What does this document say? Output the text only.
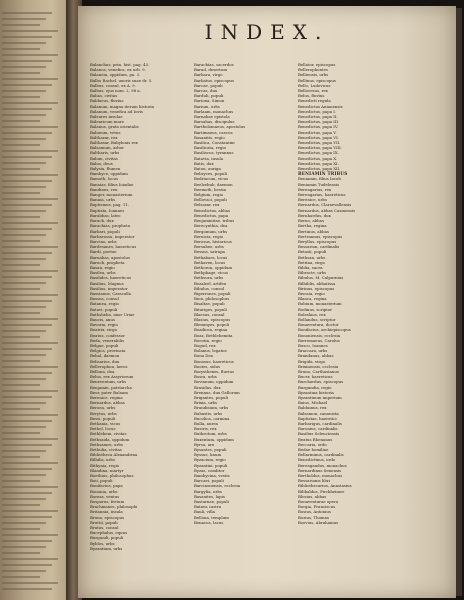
INDEX.
Balanchus, prin. hist. pag. 43.
Balanca, venefica, ex urb. 9.
Balaneia, oppidum, pa. 3.
Balbo Rachel, uxoris suae dr. 5.
Balbus, consul, ex A. 9.
Balbus, ejus nom. 2, 98 a.
Balias, civitas
Baldaeus, fluvius
Balanum, magna iterum historia
Balanum, venefica ad Iovis
Baleares insulae
Balearicum mare
Balanus, grata orientalis
Balneum, vetus
Balthazar, rex
Balthasar, Babylonis rex
Balsamum, arbor
Baltharis, urbs
Balum, civitas
Balus, deus
Balysia, flumen
Bambyce, oppidum
Bamoth, locus
Banaias, filius Ioiadae
Bandinus, rex
Bangor, monasterium
Bannia, urbs
Baptismus, pag. 11.
Baptista, Ioannes
Barabbas, latro
Barach, dux
Barachias, propheta
Barbari, populi
Barbarossa, imperator
Barcino, urbs
Bardesanes, haereticus
Bardi, poetae
Barnabas, apostolus
Baruch, propheta
Basan, regio
Basilea, urbs
Basilides, haereticus
Basilius, Magnus
Basilius, imperator
Bassianus, Caracalla
Bassus, consul
Batanea, regio
Batavi, populi
Bathsheba, uxor Uriae
Baucis, anus
Bavaria, regio
Beatrix, virgo
Beatus, confessor
Beda, venerabilis
Belgae, populi
Belgica, provincia
Belial, daemon
Belisarius, dux
Bellerophon, heros
Bellona, dea
Belus, rex Assyriorum
Beneventum, urbs
Benjamin, patriarcha
Beor, pater Balaam
Berenice, regina
Bernardus, abbas
Beroea, urbs
Berytus, urbs
Bessi, populi
Bethania, vicus
Bethel, locus
Bethlehem, civitas
Bethsaida, oppidum
Bethsames, urbs
Bethulia, civitas
Bibliotheca Alexandrina
Bilbilis, urbs
Bithynia, regio
Blandina, martyr
Boethius, philosophus
Boii, populi
Bonifacius, papa
Bononia, urbs
Boreas, ventus
Bosporus, fretum
Brachmanes, philosophi
Britannia, insula
Bruno, episcopus
Bruttii, populi
Brutus, consul
Bucephalus, equus
Burgundi, populi
Byblos, urbs
Byzantium, urbs
Barachias, sacerdos
Barad, desertum
Barbara, virgo
Barbatus, episcopus
Barcae, populi
Barcas, dux
Barduli, populi
Bariona, Simon
Barium, urbs
Barlaam, monachus
Barnabae epistola
Barsabas, discipulus
Bartholomaeus, apostolus
Bartimaeus, caecus
Basanitis, regio
Basilica, Constantini
Basilicata, regio
Basiliscus, tyrannus
Batavia, insula
Batis, dux
Baton, auriga
Bebryces, populi
Bedriacum, vicus
Beelzebub, daemon
Beemoth, bestia
Belgium, regio
Bellovaci, populi
Belsazar, rex
Benedictus, abbas
Benedictus, papa
Benjaminitae, tribus
Berecynthia, dea
Bergomum, urbs
Bernicia, regio
Berosus, historicus
Bersabee, urbs
Bessus, satrapa
Bethabara, locus
Bethaven, locus
Bethoron, oppidum
Bethphage, vicus
Bethsura, urbs
Bezaleel, artifex
Bibulus, consul
Bigerrones, populi
Bion, philosophus
Bisaltae, populi
Bituriges, populi
Blaesus, consul
Blasius, episcopus
Blemmyes, populi
Boadicea, regina
Boaz, Bethlehemita
Boeotia, regio
Bogud, rex
Bolanus, legatus
Bona Dea
Bonosus, haereticus
Bootes, sidus
Borysthenes, fluvius
Bosra, urbs
Bovianum, oppidum
Brasidas, dux
Brennus, dux Gallorum
Brigantes, populi
Brixia, urbs
Brundisium, urbs
Bubastis, urbs
Bucolica, carmina
Bulla, aurea
Busiris, rex
Buthrotum, urbs
Buxentum, oppidum
Byrsa, arx
Bysantes, populi
Byssus, linum
Byzacium, regio
Byzantini, populi
Byzas, conditor
Bambycina, vestis
Barcaei, populi
Barcinonensis, ecclesia
Bargylia, urbs
Basanites, lapis
Bastarnae, populi
Batava castra
Bauli, villa
Bellona, templum
Benacus, lacus
Bellator, episcopus
Bellerophontes
Belliensis, urbs
Bellinus, episcopus
Bello, Ludovicus
Bellovesus, rex
Belus, fluvius
Benedicti regula
Benedictus Anianensis
Benedictus, papa I.
Benedictus, papa II.
Benedictus, papa III.
Benedictus, papa IV.
Benedictus, papa V.
Benedictus, papa VI.
Benedictus, papa VII.
Benedictus, papa VIII.
Benedictus, papa IX.
Benedictus, papa X.
Benedictus, papa XI.
Benedictus, papa XII.
BENIAMIN TRIBUS
Beniamin, filius Iacob
Beniamin Tudelensis
Berengarius, rex
Berengarius, haereticus
Berenice, urbs
Bernardus, Claraevallensis
Bernardus, abbas Casinensis
Bernhardus, dux
Berno, abbas
Bertha, regina
Bertinus, abbas
Bertrannus, episcopus
Beryllus, episcopus
Bessarion, cardinalis
Betasii, populi
Bethsan, urbs
Bettina, virgo
Biblia, sacra
Bibracte, urbs
Bibulus, M. Calpurnius
Bilhildis, abbatissa
Birinus, episcopus
Biscaia, regio
Blanca, regina
Bobium, monasterium
Bodinus, scriptor
Boleslaus, rex
Bollandus, scriptor
Bonaventura, doctor
Bonifacius, archiepiscopus
Bononiensis, ecclesia
Borromaeus, Carolus
Bosco, Ioannes
Braccara, urbs
Brandanus, abbas
Brigida, virgo
Brixinensis, ecclesia
Bruno, Carthusianus
Bucer, haereticus
Burchardus, episcopus
Burgundia, regio
Byzantina historia
Byzantinum imperium
Baius, Michael
Balduinus, rex
Balsamon, canonista
Baptistae, haeretici
Barbarigus, cardinalis
Baronius, cardinalis
Basilius Seleuciensis
Beatus Rhenanus
Beccaria, ordo
Bedae homiliae
Bellarminus, cardinalis
Benedictinus, ordo
Berengaudus, monachus
Bernardinus Senensis
Bertholdus, monachus
Bessarionis libri
Bibliothecarius, Anastasius
Bilibaldus, Pirckheimer
Blosius, abbas
Bonaventurae opera
Borgia, Franciscus
Bosius, Antonius
Bozius, Thomas
Bzovius, Abrahamus
